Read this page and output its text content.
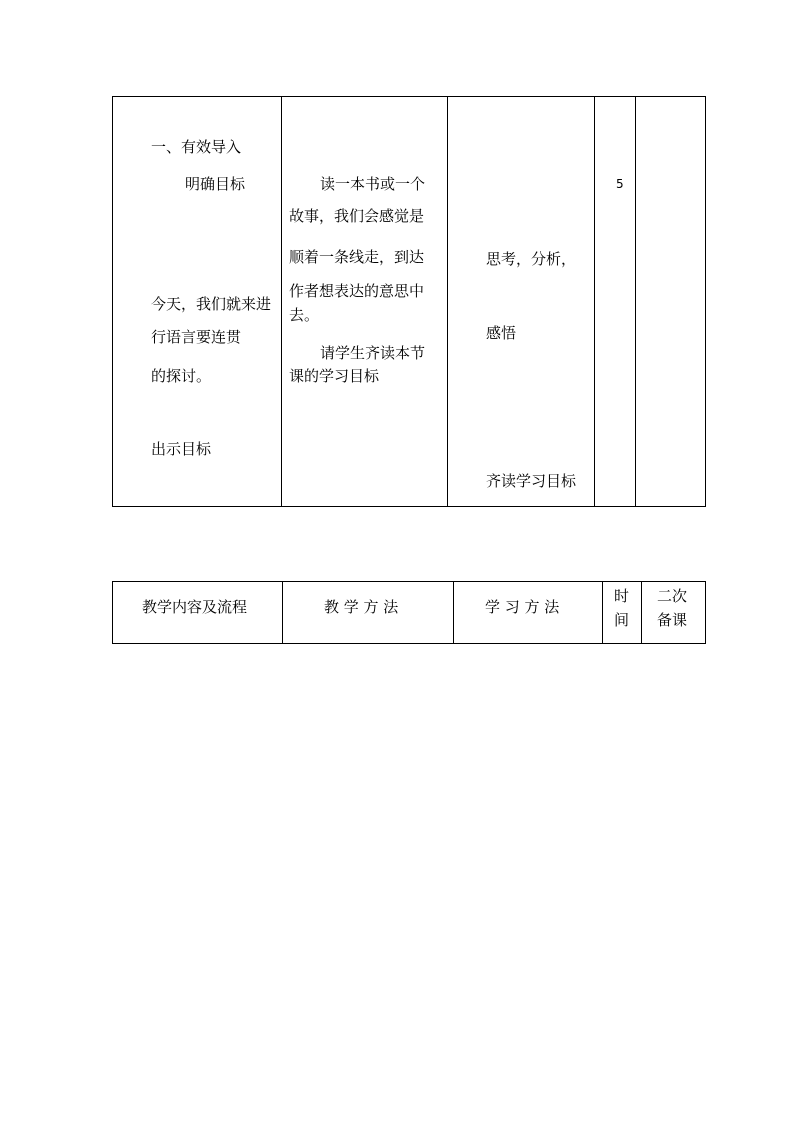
一、有效导入
明确目标
今天，我们就来进
行语言要连贯
的探讨。
出示目标
读一本书或一个
故事，我们会感觉是
顺着一条线走，到达
作者想表达的意思中
去。
请学生齐读本节
课的学习目标
思考，分析，
感悟
齐读学习目标
5
教学内容及流程	教 学 方 法	学 习 方 法
时
间
二次
备课
